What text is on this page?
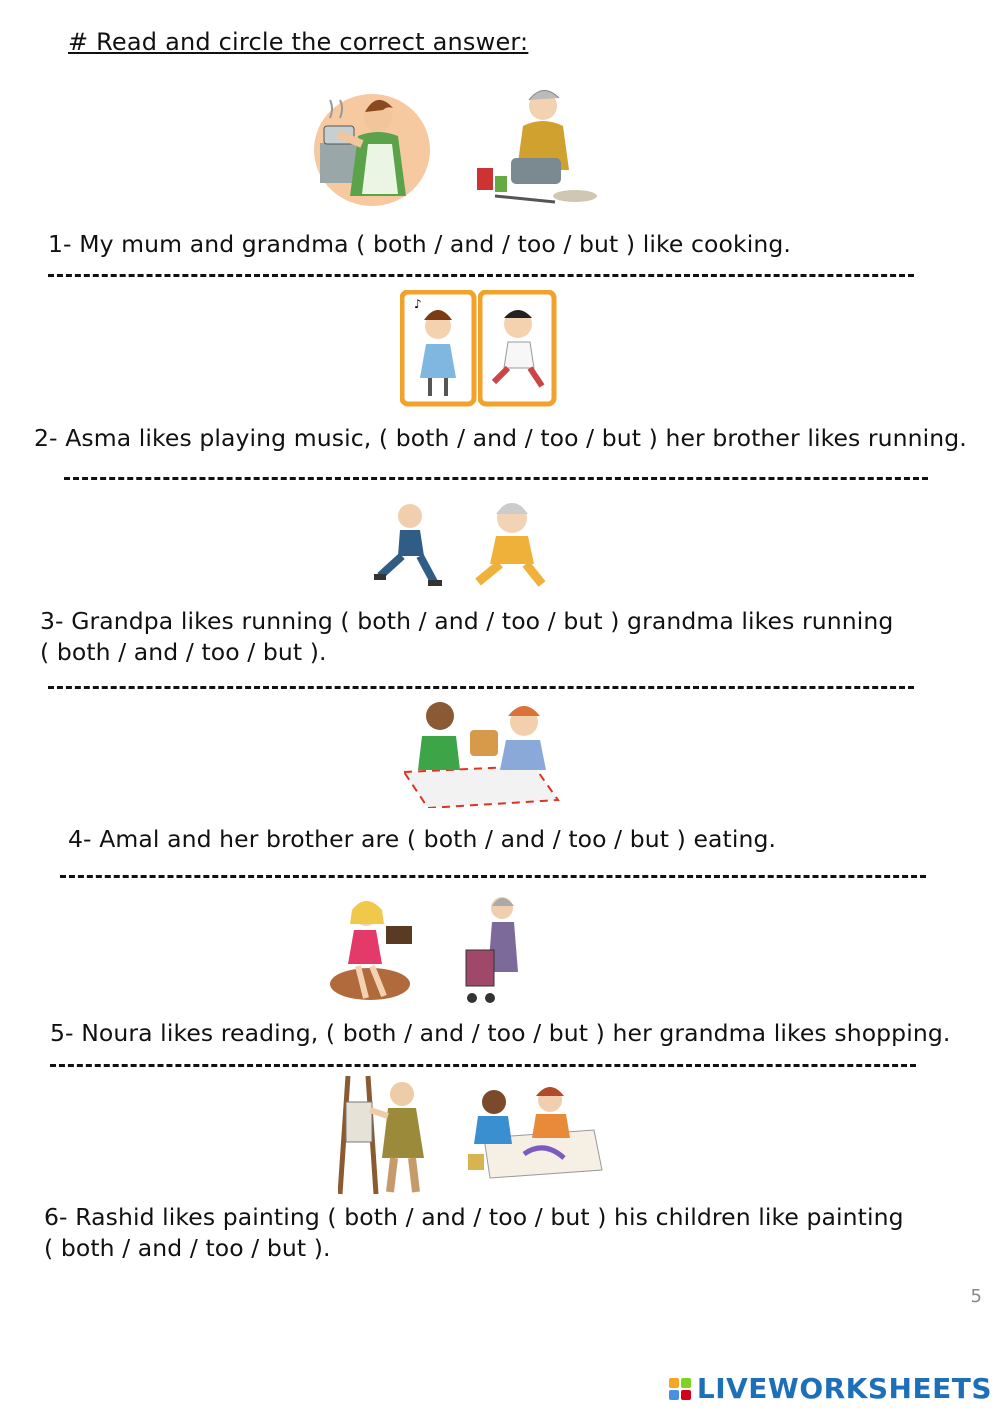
# Read and circle the correct answer:
1- My mum and grandma ( both / and / too / but ) like cooking.
♪
2- Asma likes playing music, ( both / and / too / but ) her brother likes running.
3- Grandpa likes running ( both / and / too / but ) grandma likes running
( both / and / too / but ).
4- Amal and her brother are ( both / and / too / but ) eating.
5- Noura likes reading, ( both / and / too / but ) her grandma likes shopping.
6- Rashid likes painting ( both / and / too / but ) his children like painting
( both / and / too / but ).
5
LIVEWORKSHEETS
